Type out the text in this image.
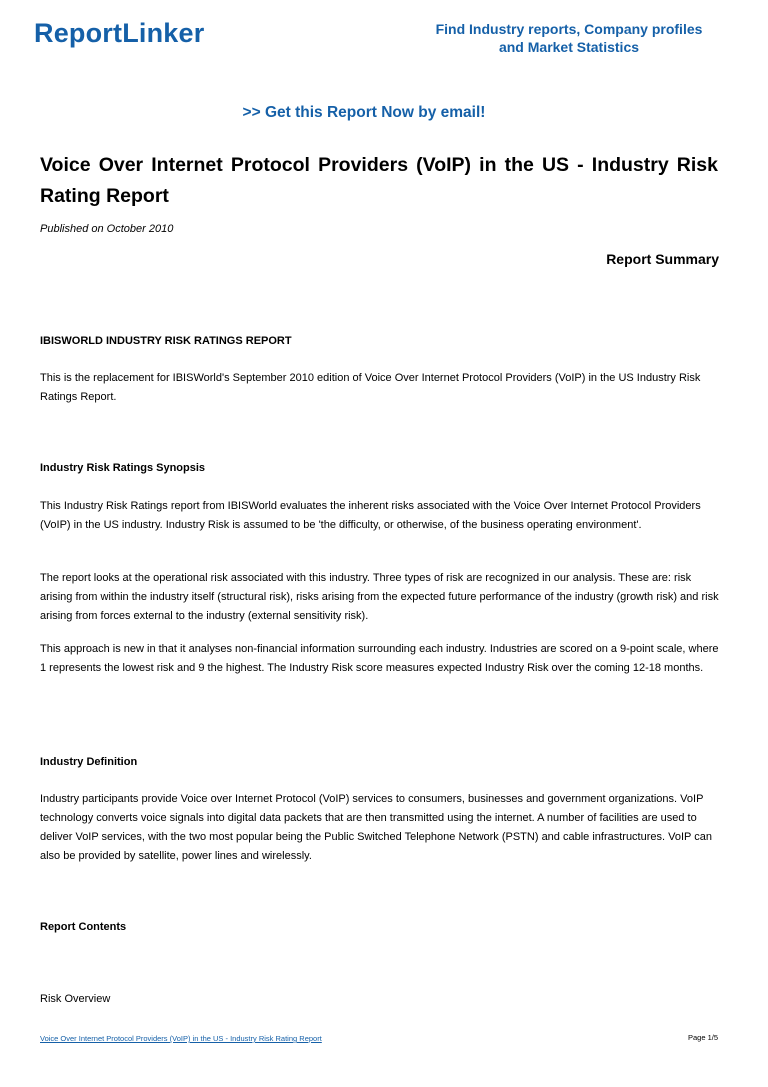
ReportLinker	Find Industry reports, Company profiles
and Market Statistics
>> Get this Report Now by email!
Voice Over Internet Protocol Providers (VoIP) in the US - Industry Risk Rating Report
Published on October 2010
Report Summary
IBISWORLD INDUSTRY RISK RATINGS REPORT
This is the replacement for IBISWorld's September 2010 edition of Voice Over Internet Protocol Providers (VoIP) in the US Industry Risk Ratings Report.
Industry Risk Ratings Synopsis
This Industry Risk Ratings report from IBISWorld evaluates the inherent risks associated with the Voice Over Internet Protocol Providers (VoIP) in the US industry. Industry Risk is assumed to be 'the difficulty, or otherwise, of the business operating environment'.
The report looks at the operational risk associated with this industry. Three types of risk are recognized in our analysis. These are: risk arising from within the industry itself (structural risk), risks arising from the expected future performance of the industry (growth risk) and risk arising from forces external to the industry (external sensitivity risk).
This approach is new in that it analyses non-financial information surrounding each industry. Industries are scored on a 9-point scale, where 1 represents the lowest risk and 9 the highest. The Industry Risk score measures expected Industry Risk over the coming 12-18 months.
Industry Definition
Industry participants provide Voice over Internet Protocol (VoIP) services to consumers, businesses and government organizations. VoIP technology converts voice signals into digital data packets that are then transmitted using the internet. A number of facilities are used to deliver VoIP services, with the two most popular being the Public Switched Telephone Network (PSTN) and cable infrastructures. VoIP can also be provided by satellite, power lines and wirelessly.
Report Contents
Risk Overview
Voice Over Internet Protocol Providers (VoIP) in the US - Industry Risk Rating Report	Page 1/5
